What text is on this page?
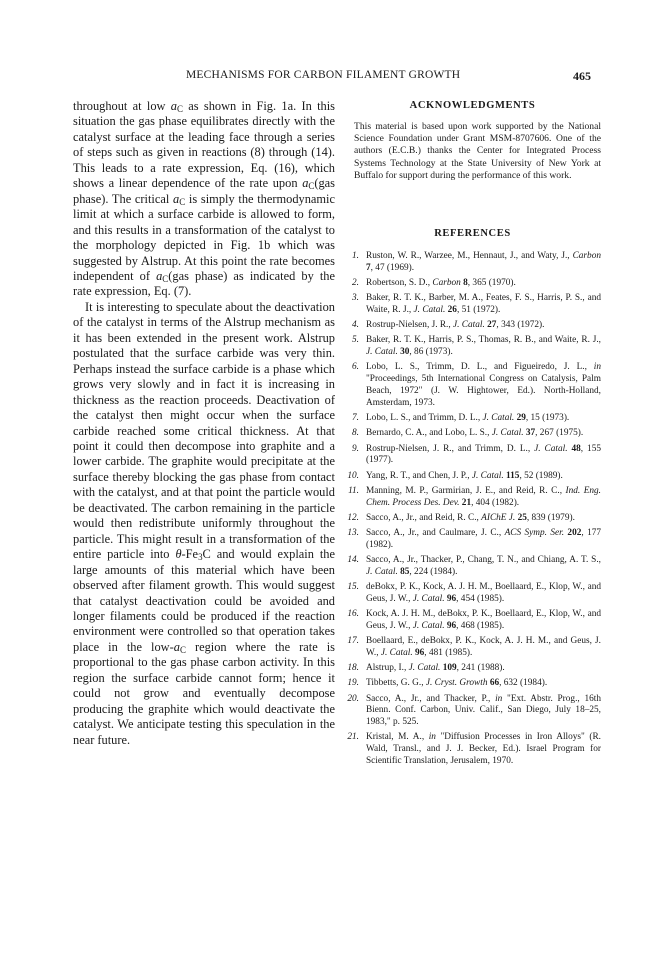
MECHANISMS FOR CARBON FILAMENT GROWTH	465

throughout at low $a_C$ as shown in Fig. 1a. In this situation the gas phase equilibrates directly with the catalyst surface at the leading face through a series of steps such as given in reactions (8) through (14). This leads to a rate expression, Eq. (16), which shows a linear dependence of the rate upon $a_C(gas$ phase). The critical $a_C$ is simply the thermodynamic limit at which a surface carbide is allowed to form, and this results in a transformation of the catalyst to the morphology depicted in Fig. 1b which was suggested by Alstrup. At this point the rate becomes independent of $a_C(gas$ phase) as indicated by the rate expression, Eq. (7).

It is interesting to speculate about the deactivation of the catalyst in terms of the Alstrup mechanism as it has been extended in the present work. Alstrup postulated that the surface carbide was very thin. Perhaps instead the surface carbide is a phase which grows very slowly and in fact it is increasing in thickness as the reaction proceeds. Deactivation of the catalyst then might occur when the surface carbide reached some critical thickness. At that point it could then decompose into graphite and a lower carbide. The graphite would precipitate at the surface thereby blocking the gas phase from contact with the catalyst, and at that point the particle would be deactivated. The carbon remaining in the particle would then redistribute uniformly throughout the particle. This might result in a transformation of the entire particle into $\theta-Fe_3C$ and would explain the large amounts of this material which have been observed after filament growth. This would suggest that catalyst deactivation could be avoided and longer filaments could be produced if the reaction environment were controlled so that operation takes place in the low-$a_C$ region where the rate is proportional to the gas phase carbon activity. In this region the surface carbide cannot form; hence it could not grow and eventually decompose producing the graphite which would deactivate the catalyst. We anticipate testing this speculation in the near future.

ACKNOWLEDGMENTS

This material is based upon work supported by the National Science Foundation under Grant MSM-8707606. One of the authors (E.C.B.) thanks the Center for Integrated Process Systems Technology at the State University of New York at Buffalo for support during the performance of this work.

REFERENCES
1. Ruston, W. R., Warzee, M., Hennaut, J., and Waty, J., Carbon 7, 47 (1969).
2. Robertson, S. D., Carbon 8, 365 (1970).
3. Baker, R. T. K., Barber, M. A., Feates, F. S., Harris, P. S., and Waite, R. J., J. Catal. 26, 51 (1972).
4. Rostrup-Nielsen, J. R., J. Catal. 27, 343 (1972).
5. Baker, R. T. K., Harris, P. S., Thomas, R. B., and Waite, R. J., J. Catal. 30, 86 (1973).
6. Lobo, L. S., Trimm, D. L., and Figueiredo, J. L., in "Proceedings, 5th International Congress on Catalysis, Palm Beach, 1972" (J. W. Hightower, Ed.). North-Holland, Amsterdam, 1973.
7. Lobo, L. S., and Trimm, D. L., J. Catal. 29, 15 (1973).
8. Bernardo, C. A., and Lobo, L. S., J. Catal. 37, 267 (1975).
9. Rostrup-Nielsen, J. R., and Trimm, D. L., J. Catal. 48, 155 (1977).
10. Yang, R. T., and Chen, J. P., J. Catal. 115, 52 (1989).
11. Manning, M. P., Garmirian, J. E., and Reid, R. C., Ind. Eng. Chem. Process Des. Dev. 21, 404 (1982).
12. Sacco, A., Jr., and Reid, R. C., AIChE J. 25, 839 (1979).
13. Sacco, A., Jr., and Caulmare, J. C., ACS Symp. Ser. 202, 177 (1982).
14. Sacco, A., Jr., Thacker, P., Chang, T. N., and Chiang, A. T. S., J. Catal. 85, 224 (1984).
15. deBokx, P. K., Kock, A. J. H. M., Boellaard, E., Klop, W., and Geus, J. W., J. Catal. 96, 454 (1985).
16. Kock, A. J. H. M., deBokx, P. K., Boellaard, E., Klop, W., and Geus, J. W., J. Catal. 96, 468 (1985).
17. Boellaard, E., deBokx, P. K., Kock, A. J. H. M., and Geus, J. W., J. Catal. 96, 481 (1985).
18. Alstrup, I., J. Catal. 109, 241 (1988).
19. Tibbetts, G. G., J. Cryst. Growth 66, 632 (1984).
20. Sacco, A., Jr., and Thacker, P., in "Ext. Abstr. Prog., 16th Bienn. Conf. Carbon, Univ. Calif., San Diego, July 18–25, 1983," p. 525.
21. Kristal, M. A., in "Diffusion Processes in Iron Alloys" (R. Wald, Transl., and J. J. Becker, Ed.). Israel Program for Scientific Translation, Jerusalem, 1970.
